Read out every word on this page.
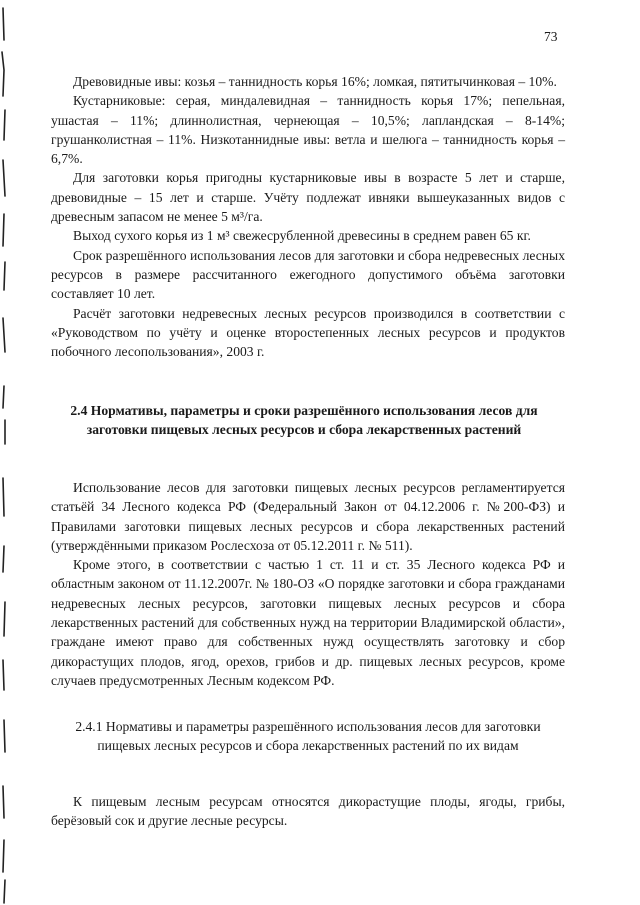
73

Древовидные ивы: козья – таннидность корья 16%; ломкая, пятитычинковая – 10%.

Кустарниковые: серая, миндалевидная – таннидность корья 17%; пепельная, ушастая – 11%; длиннолистная, чернеющая – 10,5%; лапландская – 8-14%; грушанколистная – 11%. Низкотаннидные ивы: ветла и шелюга – таннидность корья – 6,7%.

Для заготовки корья пригодны кустарниковые ивы в возрасте 5 лет и старше, древовидные – 15 лет и старше. Учёту подлежат ивняки вышеуказанных видов с древесным запасом не менее 5 м³/га.

Выход сухого корья из 1 м³ свежесрубленной древесины в среднем равен 65 кг.

Срок разрешённого использования лесов для заготовки и сбора недревесных лесных ресурсов в размере рассчитанного ежегодного допустимого объёма заготовки составляет 10 лет.

Расчёт заготовки недревесных лесных ресурсов производился в соответствии с «Руководством по учёту и оценке второстепенных лесных ресурсов и продуктов побочного лесопользования», 2003 г.

2.4 Нормативы, параметры и сроки разрешённого использования лесов для заготовки пищевых лесных ресурсов и сбора лекарственных растений

Использование лесов для заготовки пищевых лесных ресурсов регламентируется статьёй 34 Лесного кодекса РФ (Федеральный Закон от 04.12.2006 г. №200-ФЗ) и Правилами заготовки пищевых лесных ресурсов и сбора лекарственных растений (утверждёнными приказом Рослесхоза от 05.12.2011 г. № 511).

Кроме этого, в соответствии с частью 1 ст. 11 и ст. 35 Лесного кодекса РФ и областным законом от 11.12.2007г. № 180-ОЗ «О порядке заготовки и сбора гражданами недревесных лесных ресурсов, заготовки пищевых лесных ресурсов и сбора лекарственных растений для собственных нужд на территории Владимирской области», граждане имеют право для собственных нужд осуществлять заготовку и сбор дикорастущих плодов, ягод, орехов, грибов и др. пищевых лесных ресурсов, кроме случаев предусмотренных Лесным кодексом РФ.

2.4.1 Нормативы и параметры разрешённого использования лесов для заготовки пищевых лесных ресурсов и сбора лекарственных растений по их видам

К пищевым лесным ресурсам относятся дикорастущие плоды, ягоды, грибы, берёзовый сок и другие лесные ресурсы.
